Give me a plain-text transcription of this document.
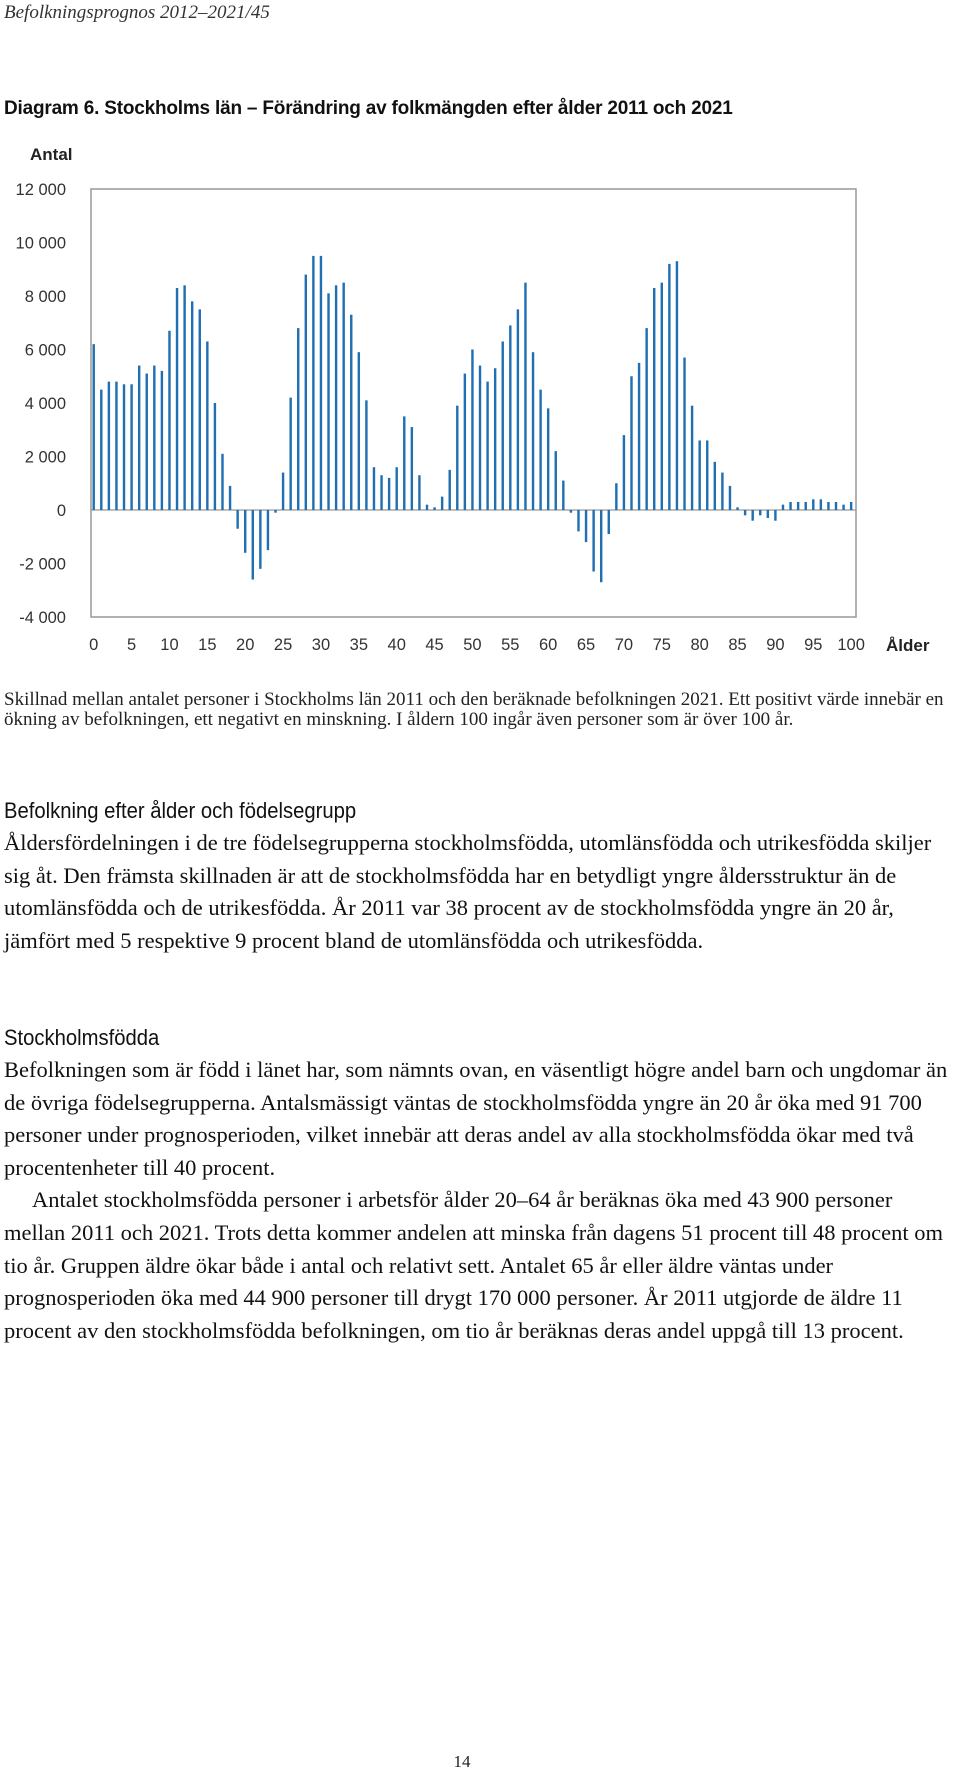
Befolkningsprognos 2012–2021/45
Diagram 6. Stockholms län – Förändring av folkmängden efter ålder 2011 och 2021
Antal
12 000
10 000
8 000
6 000
4 000
2 000
0
-2 000
-4 000
0 5 10 15 20 25 30 35 40 45 50 55 60 65 70 75 80 85 90 95 100 Ålder
Skillnad mellan antalet personer i Stockholms län 2011 och den beräknade befolkningen 2021. Ett positivt värde innebär en ökning av befolkningen, ett negativt en minskning. I åldern 100 ingår även personer som är över 100 år.
Befolkning efter ålder och födelsegrupp

Åldersfördelningen i de tre födelsegrupperna stockholmsfödda, utomlänsfödda och utrikesfödda skiljer sig åt. Den främsta skillnaden är att de stockholmsfödda har en betydligt yngre åldersstruktur än de utomlänsfödda och de utrikesfödda. År 2011 var 38 procent av de stockholmsfödda yngre än 20 år, jämfört med 5 respektive 9 procent bland de utomlänsfödda och utrikesfödda.

Stockholmsfödda

Befolkningen som är född i länet har, som nämnts ovan, en väsentligt högre andel barn och ungdomar än de övriga födelsegrupperna. Antalsmässigt väntas de stockholmsfödda yngre än 20 år öka med 91 700 personer under prognosperioden, vilket innebär att deras andel av alla stockholmsfödda ökar med två procentenheter till 40 procent.

Antalet stockholmsfödda personer i arbetsför ålder 20–64 år beräknas öka med 43 900 personer mellan 2011 och 2021. Trots detta kommer andelen att minska från dagens 51 procent till 48 procent om tio år. Gruppen äldre ökar både i antal och relativt sett. Antalet 65 år eller äldre väntas under prognosperioden öka med 44 900 personer till drygt 170 000 personer. År 2011 utgjorde de äldre 11 procent av den stockholmsfödda befolkningen, om tio år beräknas deras andel uppgå till 13 procent.

14
